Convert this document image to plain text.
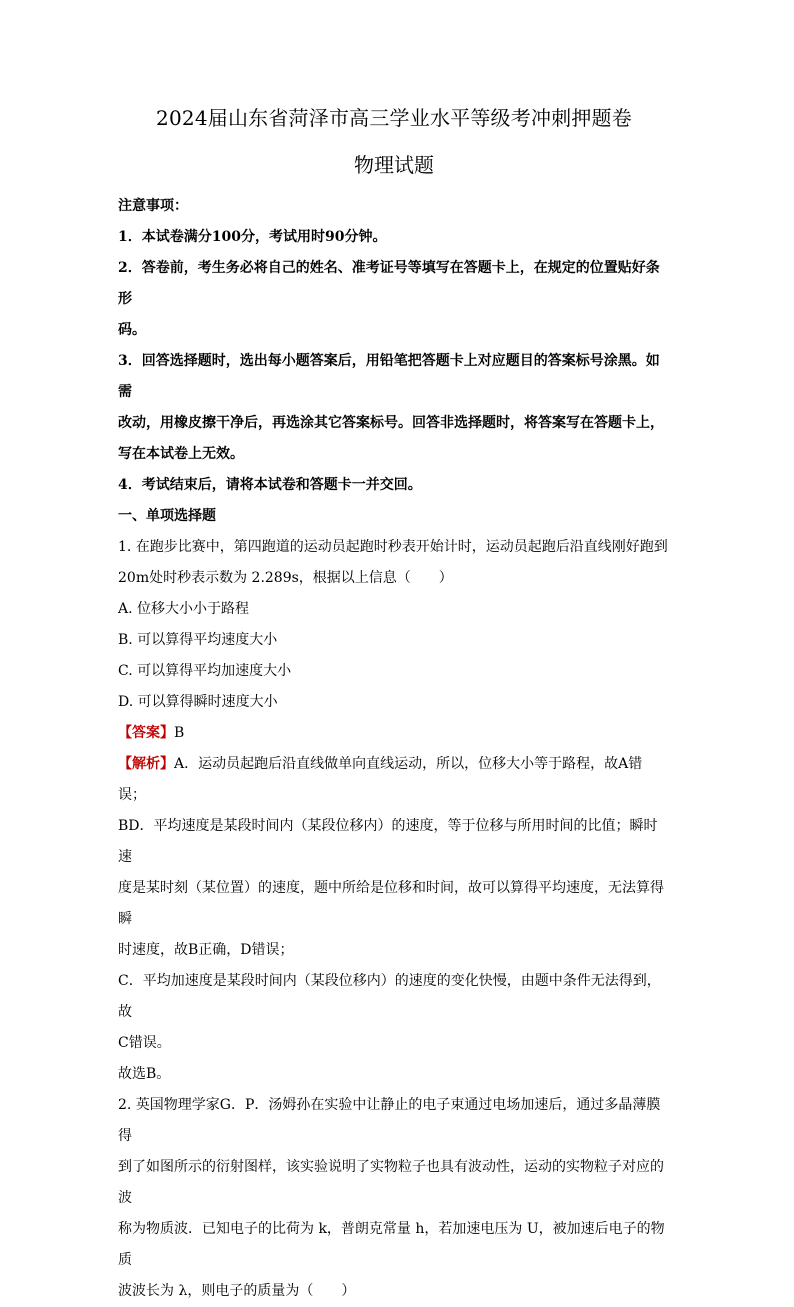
2024届山东省菏泽市高三学业水平等级考冲刺押题卷
物理试题
注意事项：
1．本试卷满分100分，考试用时90分钟。
2．答卷前，考生务必将自己的姓名、准考证号等填写在答题卡上，在规定的位置贴好条形
码。
3．回答选择题时，选出每小题答案后，用铅笔把答题卡上对应题目的答案标号涂黑。如需
改动，用橡皮擦干净后，再选涂其它答案标号。回答非选择题时，将答案写在答题卡上，
写在本试卷上无效。
4．考试结束后，请将本试卷和答题卡一并交回。
一、单项选择题
1. 在跑步比赛中，第四跑道的运动员起跑时秒表开始计时，运动员起跑后沿直线刚好跑到
20m处时秒表示数为 2.289s，根据以上信息（　　）
A. 位移大小小于路程
B. 可以算得平均速度大小
C. 可以算得平均加速度大小
D. 可以算得瞬时速度大小
【答案】B
【解析】A．运动员起跑后沿直线做单向直线运动，所以，位移大小等于路程，故A错误；
BD．平均速度是某段时间内（某段位移内）的速度，等于位移与所用时间的比值；瞬时速
度是某时刻（某位置）的速度，题中所给是位移和时间，故可以算得平均速度，无法算得瞬
时速度，故B正确，D错误；
C．平均加速度是某段时间内（某段位移内）的速度的变化快慢，由题中条件无法得到，故
C错误。
故选B。
2. 英国物理学家G．P．汤姆孙在实验中让静止的电子束通过电场加速后，通过多晶薄膜得
到了如图所示的衍射图样，该实验说明了实物粒子也具有波动性，运动的实物粒子对应的波
称为物质波．已知电子的比荷为 k，普朗克常量 h，若加速电压为 U，被加速后电子的物质
波波长为 λ，则电子的质量为（　　）
